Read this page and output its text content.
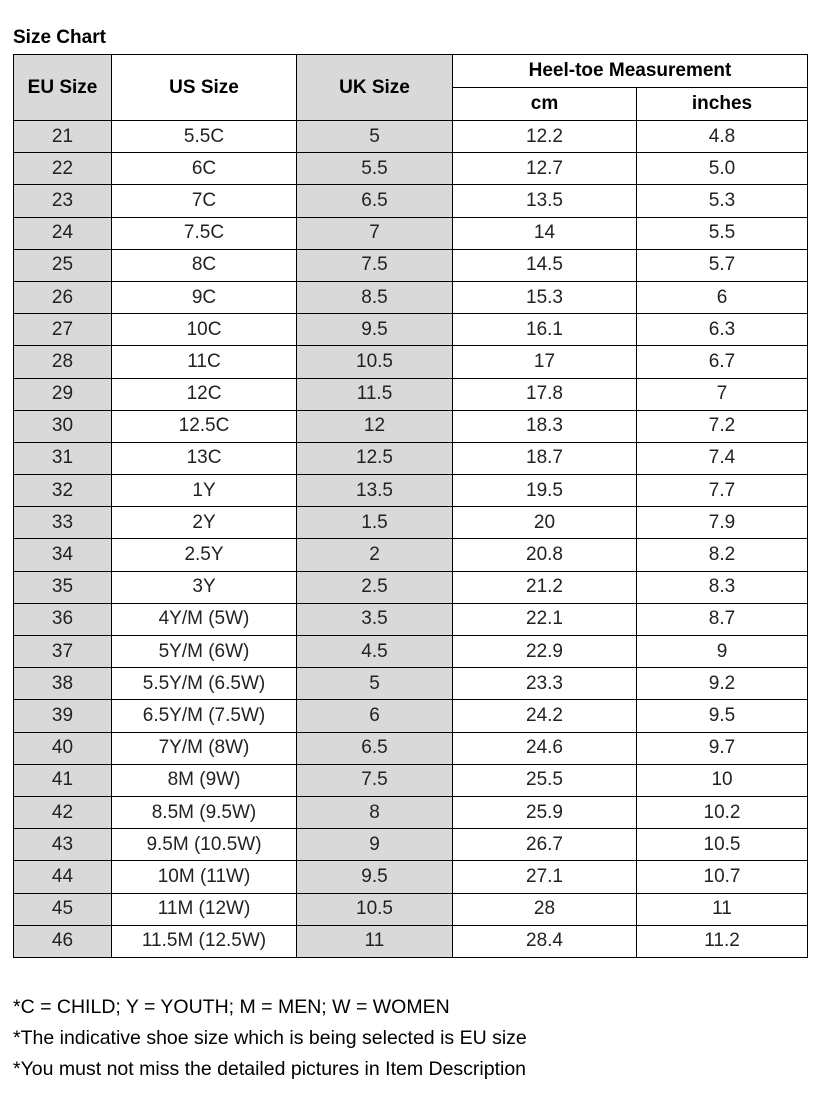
Size Chart
EU Size	US Size	UK Size	Heel-toe Measurement	
			cm	inches
21	5.5C	5	12.2	4.8
22	6C	5.5	12.7	5.0
23	7C	6.5	13.5	5.3
24	7.5C	7	14	5.5
25	8C	7.5	14.5	5.7
26	9C	8.5	15.3	6
27	10C	9.5	16.1	6.3
28	11C	10.5	17	6.7
29	12C	11.5	17.8	7
30	12.5C	12	18.3	7.2
31	13C	12.5	18.7	7.4
32	1Y	13.5	19.5	7.7
33	2Y	1.5	20	7.9
34	2.5Y	2	20.8	8.2
35	3Y	2.5	21.2	8.3
36	4Y/M (5W)	3.5	22.1	8.7
37	5Y/M (6W)	4.5	22.9	9
38	5.5Y/M (6.5W)	5	23.3	9.2
39	6.5Y/M (7.5W)	6	24.2	9.5
40	7Y/M (8W)	6.5	24.6	9.7
41	8M (9W)	7.5	25.5	10
42	8.5M (9.5W)	8	25.9	10.2
43	9.5M (10.5W)	9	26.7	10.5
44	10M (11W)	9.5	27.1	10.7
45	11M (12W)	10.5	28	11
46	11.5M (12.5W)	11	28.4	11.2
*C = CHILD; Y = YOUTH; M = MEN; W = WOMEN
*The indicative shoe size which is being selected is EU size
*You must not miss the detailed pictures in Item Description
